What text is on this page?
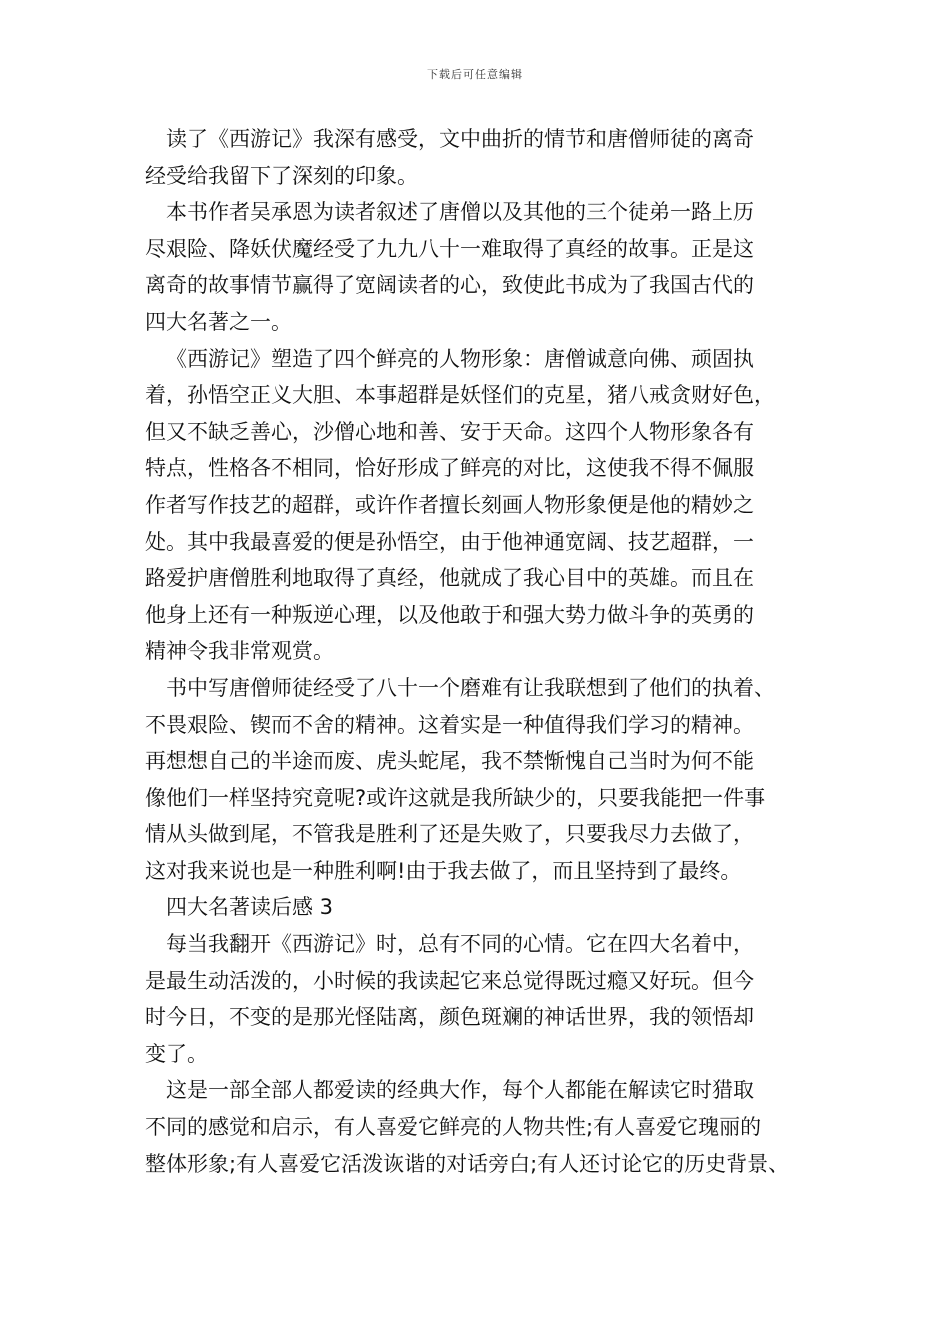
下载后可任意编辑
读了《西游记》我深有感受，文中曲折的情节和唐僧师徒的离奇
经受给我留下了深刻的印象。
本书作者吴承恩为读者叙述了唐僧以及其他的三个徒弟一路上历
尽艰险、降妖伏魔经受了九九八十一难取得了真经的故事。正是这
离奇的故事情节赢得了宽阔读者的心，致使此书成为了我国古代的
四大名著之一。
《西游记》塑造了四个鲜亮的人物形象：唐僧诚意向佛、顽固执
着，孙悟空正义大胆、本事超群是妖怪们的克星，猪八戒贪财好色，
但又不缺乏善心，沙僧心地和善、安于天命。这四个人物形象各有
特点，性格各不相同，恰好形成了鲜亮的对比，这使我不得不佩服
作者写作技艺的超群，或许作者擅长刻画人物形象便是他的精妙之
处。其中我最喜爱的便是孙悟空，由于他神通宽阔、技艺超群，一
路爱护唐僧胜利地取得了真经，他就成了我心目中的英雄。而且在
他身上还有一种叛逆心理，以及他敢于和强大势力做斗争的英勇的
精神令我非常观赏。
书中写唐僧师徒经受了八十一个磨难有让我联想到了他们的执着、
不畏艰险、锲而不舍的精神。这着实是一种值得我们学习的精神。
再想想自己的半途而废、虎头蛇尾，我不禁惭愧自己当时为何不能
像他们一样坚持究竟呢?或许这就是我所缺少的，只要我能把一件事
情从头做到尾，不管我是胜利了还是失败了，只要我尽力去做了，
这对我来说也是一种胜利啊!由于我去做了，而且坚持到了最终。
四大名著读后感 3
每当我翻开《西游记》时，总有不同的心情。它在四大名着中，
是最生动活泼的，小时候的我读起它来总觉得既过瘾又好玩。但今
时今日，不变的是那光怪陆离，颜色斑斓的神话世界，我的领悟却
变了。
这是一部全部人都爱读的经典大作，每个人都能在解读它时猎取
不同的感觉和启示，有人喜爱它鲜亮的人物共性;有人喜爱它瑰丽的
整体形象;有人喜爱它活泼诙谐的对话旁白;有人还讨论它的历史背景、
